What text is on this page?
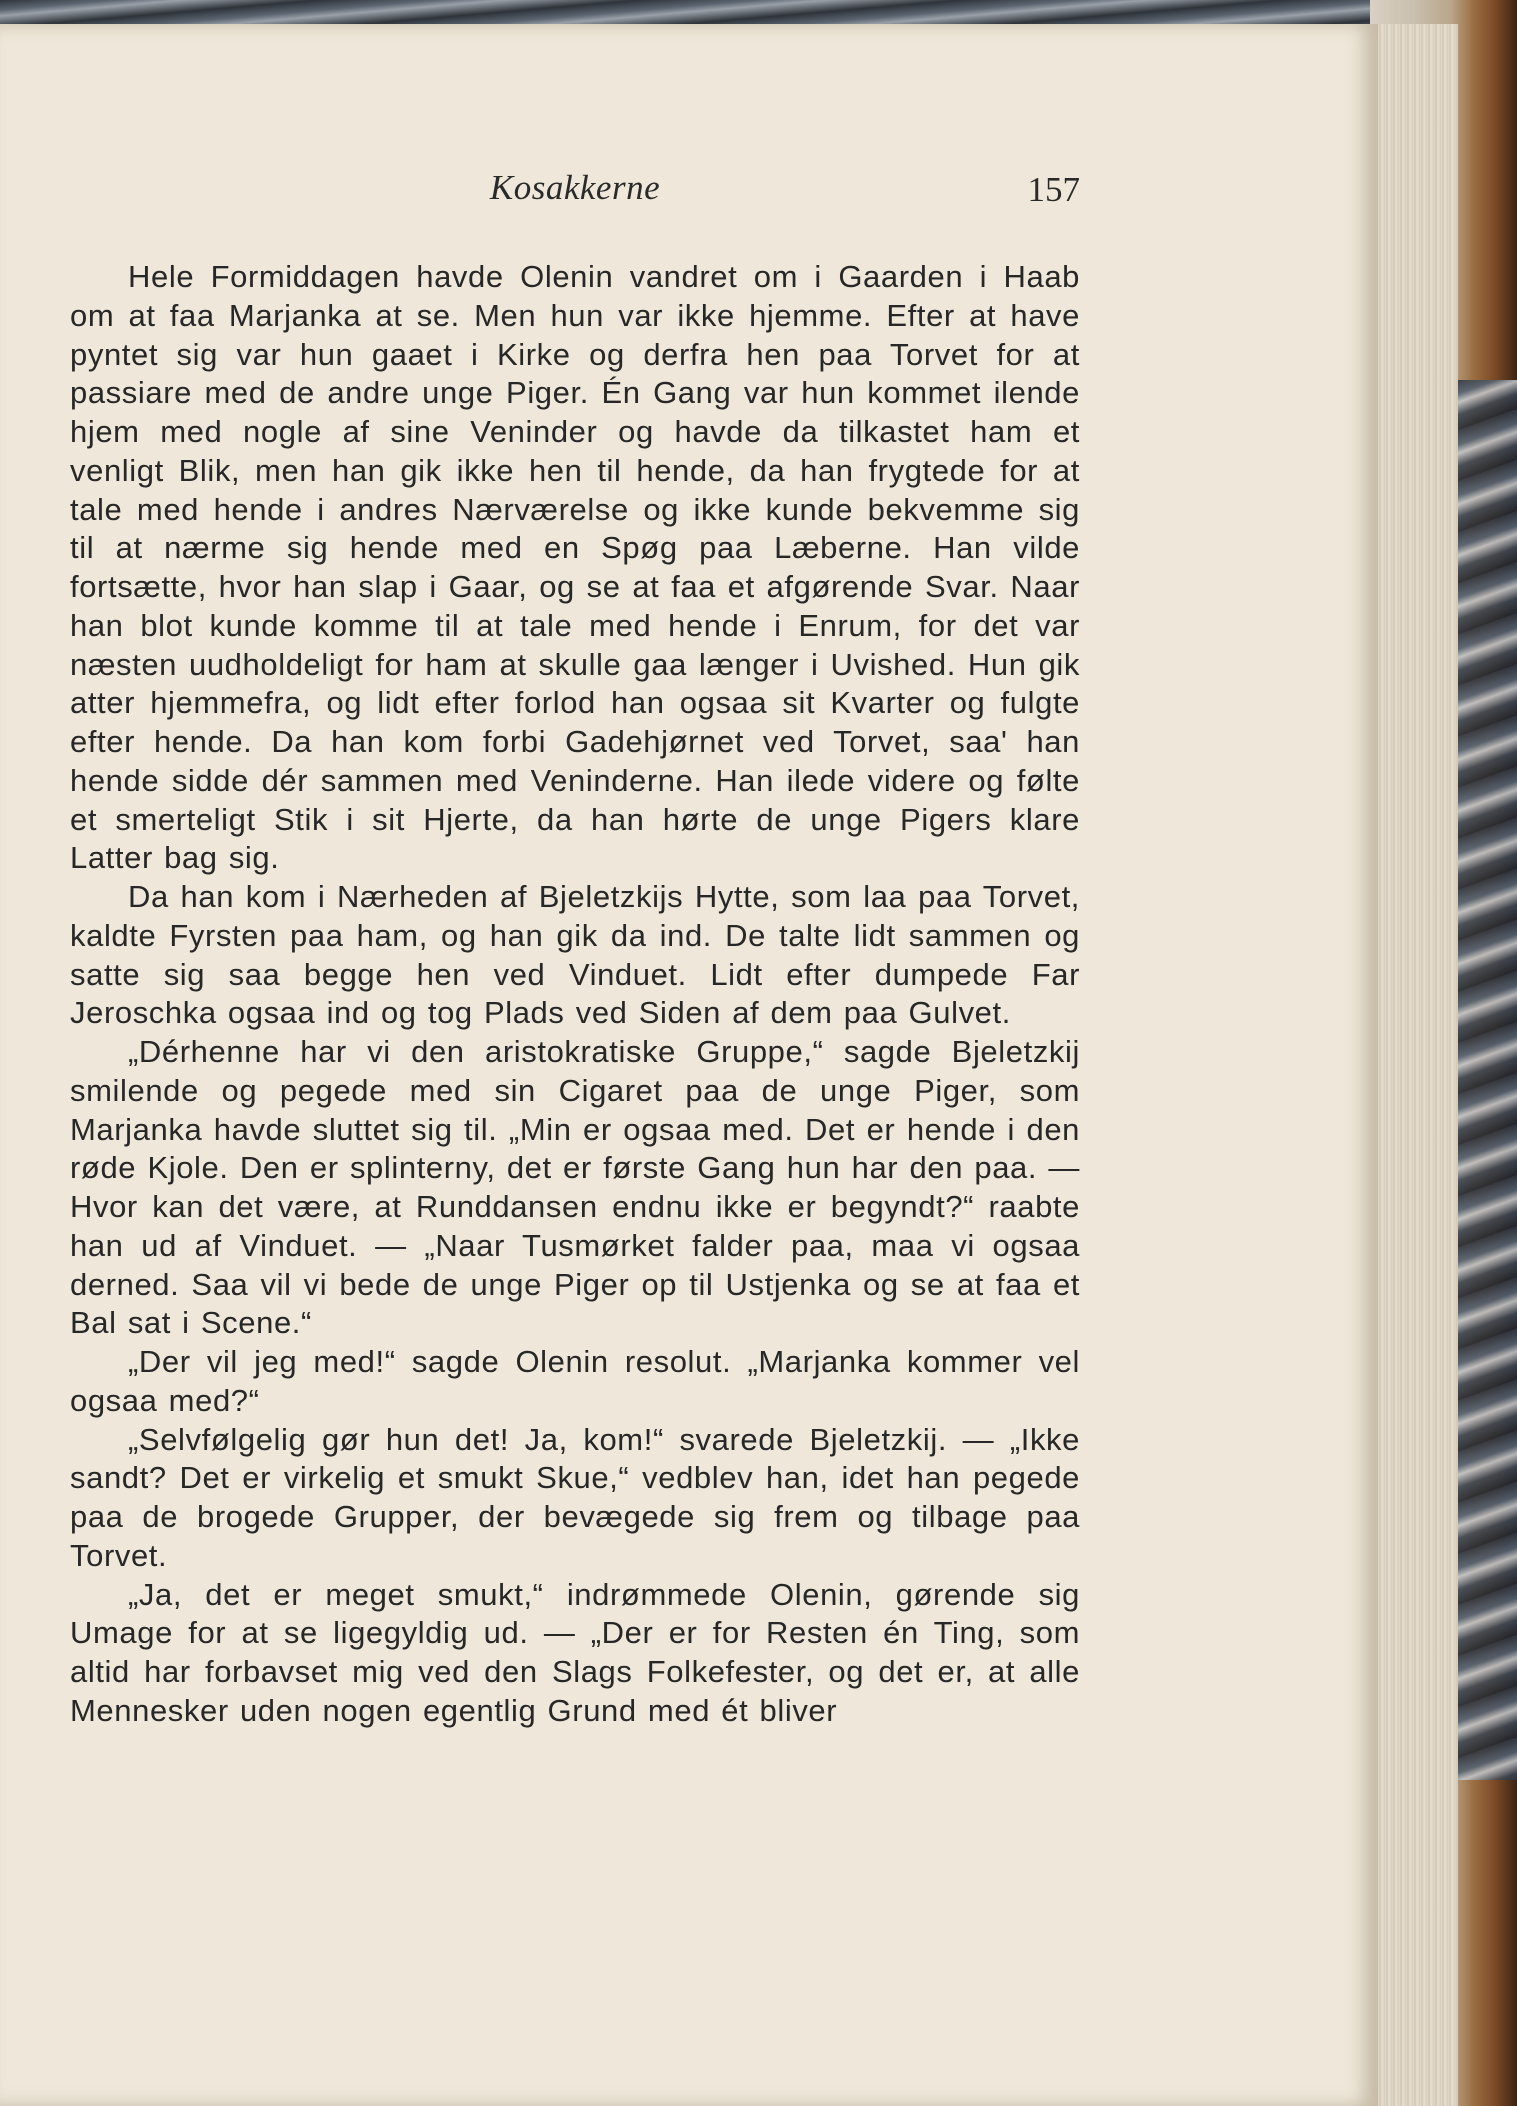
Kosakkerne	157

Hele Formiddagen havde Olenin vandret om i Gaarden i Haab om at faa Marjanka at se. Men hun var ikke hjemme. Efter at have pyntet sig var hun gaaet i Kirke og derfra hen paa Torvet for at passiare med de andre unge Piger. Én Gang var hun kommet ilende hjem med nogle af sine Veninder og havde da tilkastet ham et venligt Blik, men han gik ikke hen til hende, da han frygtede for at tale med hende i andres Nærværelse og ikke kunde bekvemme sig til at nærme sig hende med en Spøg paa Læberne. Han vilde fortsætte, hvor han slap i Gaar, og se at faa et afgørende Svar. Naar han blot kunde komme til at tale med hende i Enrum, for det var næsten uudholdeligt for ham at skulle gaa længer i Uvished. Hun gik atter hjemmefra, og lidt efter forlod han ogsaa sit Kvarter og fulgte efter hende. Da han kom forbi Gadehjørnet ved Torvet, saa' han hende sidde dér sammen med Veninderne. Han ilede videre og følte et smerteligt Stik i sit Hjerte, da han hørte de unge Pigers klare Latter bag sig.

Da han kom i Nærheden af Bjeletzkijs Hytte, som laa paa Torvet, kaldte Fyrsten paa ham, og han gik da ind. De talte lidt sammen og satte sig saa begge hen ved Vinduet. Lidt efter dumpede Far Jeroschka ogsaa ind og tog Plads ved Siden af dem paa Gulvet.

„Dérhenne har vi den aristokratiske Gruppe,“ sagde Bjeletzkij smilende og pegede med sin Cigaret paa de unge Piger, som Marjanka havde sluttet sig til. „Min er ogsaa med. Det er hende i den røde Kjole. Den er splinterny, det er første Gang hun har den paa. — Hvor kan det være, at Runddansen endnu ikke er begyndt?“ raabte han ud af Vinduet. — „Naar Tusmørket falder paa, maa vi ogsaa derned. Saa vil vi bede de unge Piger op til Ustjenka og se at faa et Bal sat i Scene.“

„Der vil jeg med!“ sagde Olenin resolut. „Marjanka kommer vel ogsaa med?“

„Selvfølgelig gør hun det! Ja, kom!“ svarede Bjeletzkij. — „Ikke sandt? Det er virkelig et smukt Skue,“ vedblev han, idet han pegede paa de brogede Grupper, der bevægede sig frem og tilbage paa Torvet.

„Ja, det er meget smukt,“ indrømmede Olenin, gørende sig Umage for at se ligegyldig ud. — „Der er for Resten én Ting, som altid har forbavset mig ved den Slags Folkefester, og det er, at alle Mennesker uden nogen egentlig Grund med ét bliver
